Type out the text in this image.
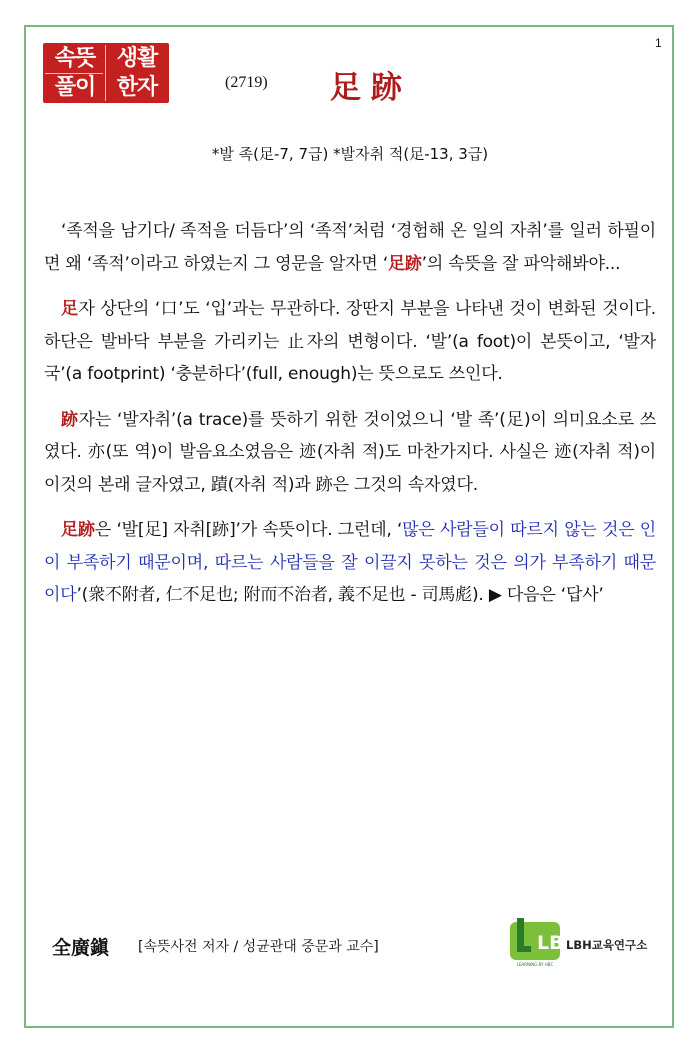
1
속뜻
풀이
생활
한자	(2719) 足跡
*발 족(足-7, 7급) *발자취 적(足-13, 3급)

‘족적을 남기다/ 족적을 더듬다’의 ‘족적’처럼 ‘경험해 온 일의 자취’를 일러 하필이면 왜 ‘족적’이라고 하였는지 그 영문을 알자면 ‘足跡’의 속뜻을 잘 파악해봐야...

足자 상단의 ‘口’도 ‘입’과는 무관하다. 장딴지 부분을 나타낸 것이 변화된 것이다. 하단은 발바닥 부분을 가리키는 止자의 변형이다. ‘발’(a foot)이 본뜻이고, ‘발자국’(a footprint) ‘충분하다’(full, enough)는 뜻으로도 쓰인다.

跡자는 ‘발자취’(a trace)를 뜻하기 위한 것이었으니 ‘발 족’(足)이 의미요소로 쓰였다. 亦(또 역)이 발음요소였음은 迹(자취 적)도 마찬가지다. 사실은 迹(자취 적)이 이것의 본래 글자였고, 蹟(자취 적)과 跡은 그것의 속자였다.

足跡은 ‘발[足] 자취[跡]’가 속뜻이다. 그런데, ‘많은 사람들이 따르지 않는 것은 인이 부족하기 때문이며, 따르는 사람들을 잘 이끌지 못하는 것은 의가 부족하기 때문이다’(衆不附者, 仁不足也; 附而不治者, 義不足也 - 司馬彪). ▶ 다음은 ‘답사’

全廣鎭 [속뜻사전 저자 / 성균관대 중문과 교수]	LBH
LEARNING BY HBC
LBH교육연구소
